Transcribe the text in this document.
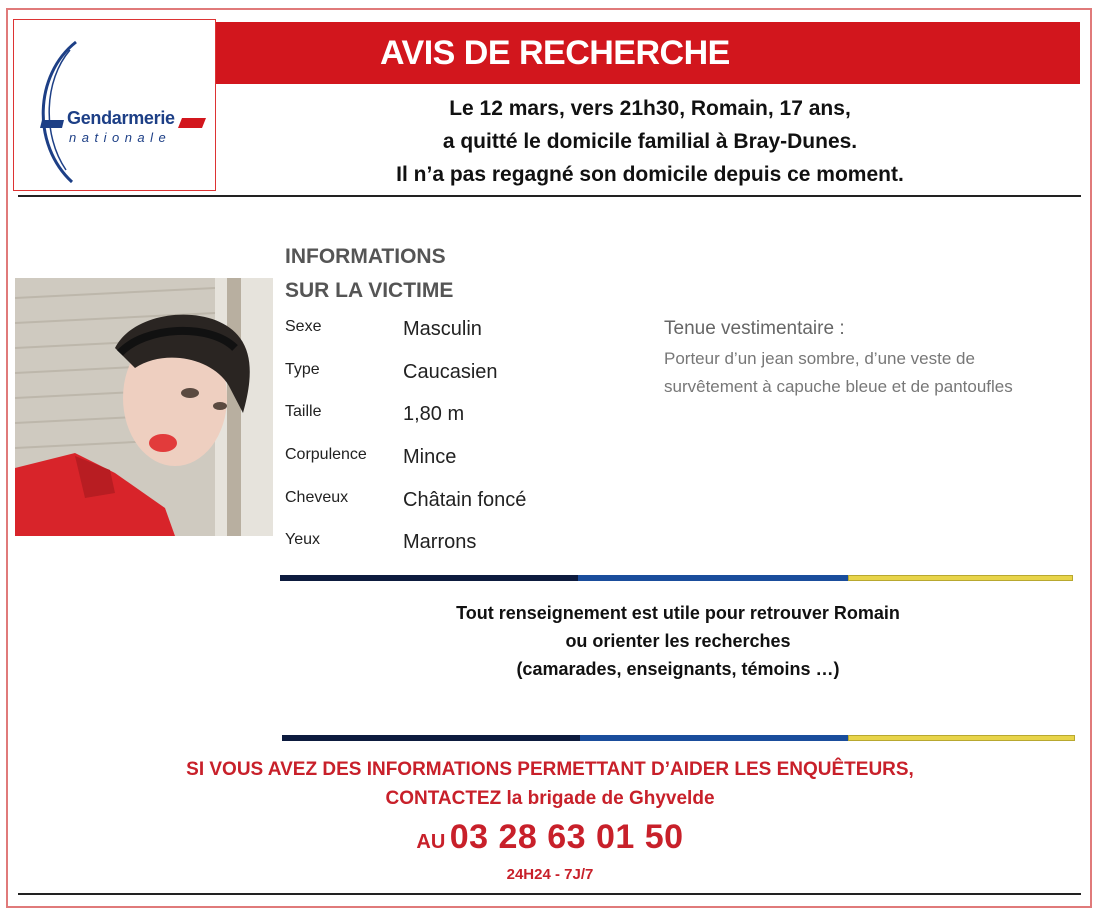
Gendarmerie
nationale
AVIS DE RECHERCHE
Le 12 mars, vers 21h30, Romain, 17 ans,
a quitté le domicile familial à Bray-Dunes.
Il n’a pas regagné son domicile depuis ce moment.
INFORMATIONS
SUR LA VICTIME
Sexe	Masculin
Type	Caucasien
Taille	1,80 m
Corpulence Mince
Cheveux	Châtain foncé
Yeux	Marrons
Tenue vestimentaire :
Porteur d’un jean sombre, d’une veste de survêtement à capuche bleue et de pantoufles
Tout renseignement est utile pour retrouver Romain
ou orienter les recherches
(camarades, enseignants, témoins …)
SI VOUS AVEZ DES INFORMATIONS PERMETTANT D’AIDER LES ENQUÊTEURS,
CONTACTEZ la brigade de Ghyvelde
AU 03 28 63 01 50
24H24 - 7J/7
